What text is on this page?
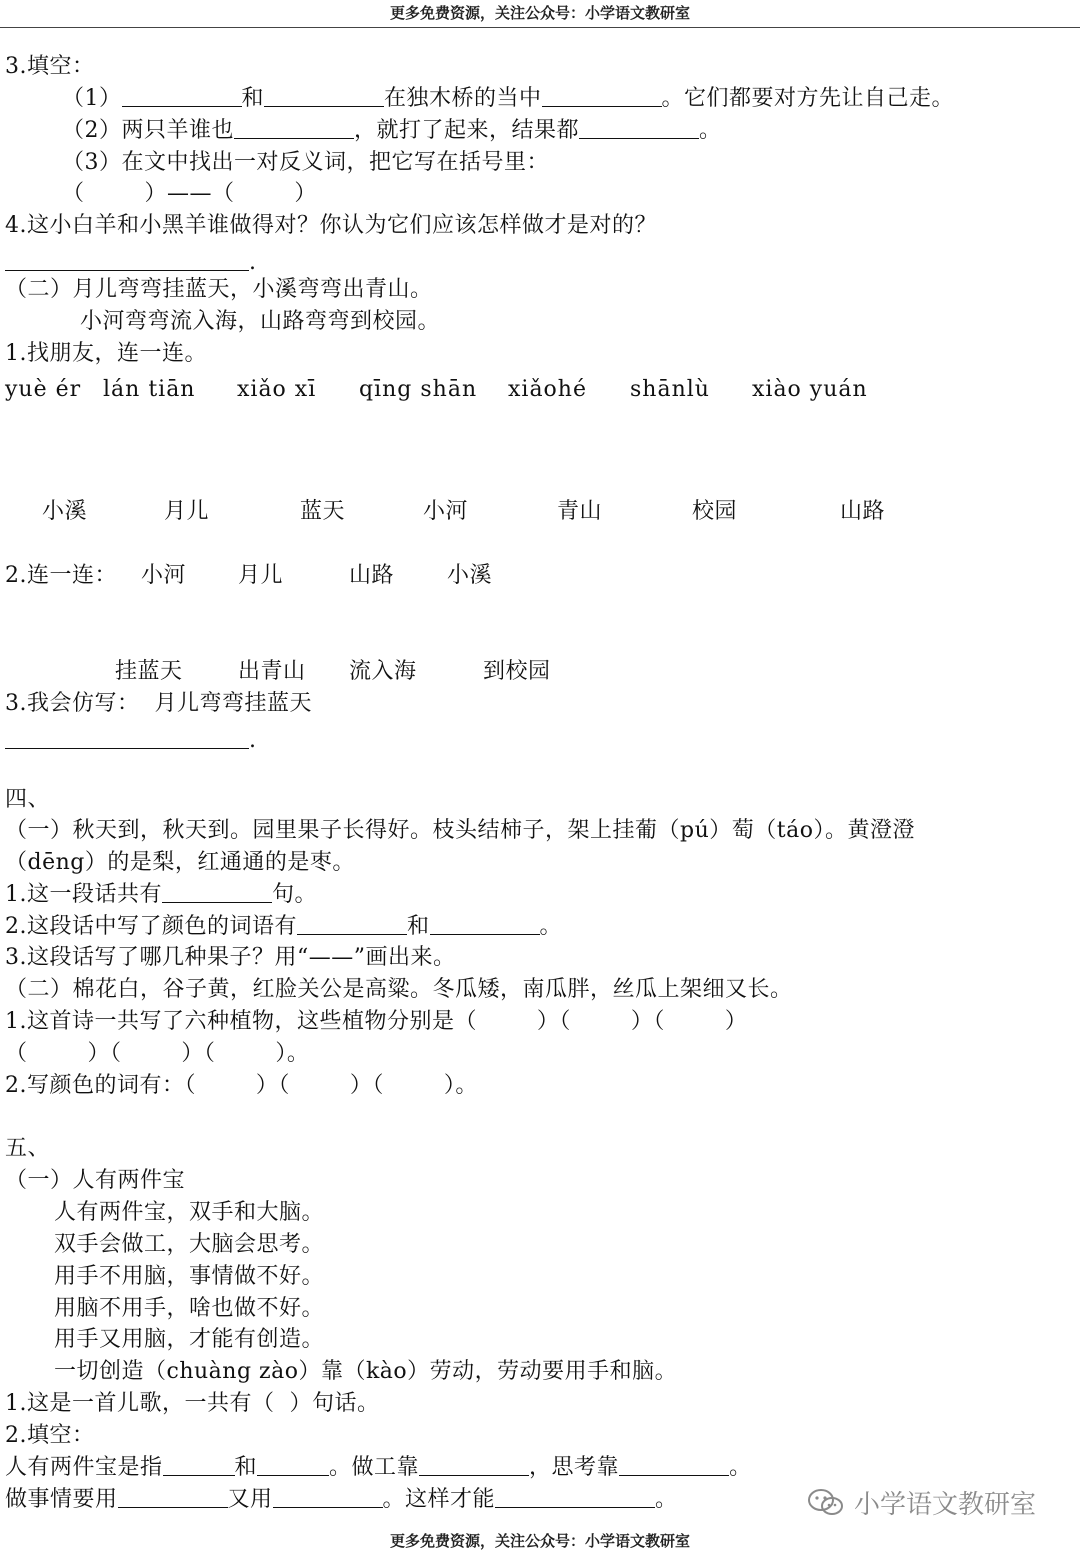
更多免费资源，关注公众号：小学语文教研室
3.填空：
（1）	和	在独木桥的当中	。它们都要对方先让自己走。
（2）两只羊谁也	，就打了起来，结果都	。
（3）在文中找出一对反义词，把它写在括号里：
（        ）——（        ）
4.这小白羊和小黑羊谁做得对？你认为它们应该怎样做才是对的？
.
（二）月儿弯弯挂蓝天，小溪弯弯出青山。
小河弯弯流入海，山路弯弯到校园。
1.找朋友，连一连。
yuè ér lán tiān xiǎo xī qīng shān xiǎohé shānlù xiào yuán
小溪	月儿	蓝天	小河	青山	校园	山路
2.连一连： 小河 月儿	山路 小溪
挂蓝天	出青山 流入海	到校园
3.我会仿写：  月儿弯弯挂蓝天
.
四、
（一）秋天到，秋天到。园里果子长得好。枝头结柿子，架上挂葡（pú）萄（táo）。黄澄澄
（dēng）的是梨，红通通的是枣。
1.这一段话共有	句。
2.这段话中写了颜色的词语有	和	。
3.这段话写了哪几种果子？用“——”画出来。
（二）棉花白，谷子黄，红脸关公是高粱。冬瓜矮，南瓜胖，丝瓜上架细又长。
1.这首诗一共写了六种植物，这些植物分别是（        ）（        ）（        ）
（        ）（        ）（        ）。
2.写颜色的词有：（        ）（        ）（        ）。
五、
（一）人有两件宝
人有两件宝，双手和大脑。
双手会做工，大脑会思考。
用手不用脑，事情做不好。
用脑不用手，啥也做不好。
用手又用脑，才能有创造。
一切创造（chuàng zào）靠（kào）劳动，劳动要用手和脑。
1.这是一首儿歌，一共有（  ）句话。
2.填空：
人有两件宝是指	和	。做工靠	，思考靠	。
做事情要用	又用	。这样才能	。	小学语文教研室
更多免费资源，关注公众号：小学语文教研室
